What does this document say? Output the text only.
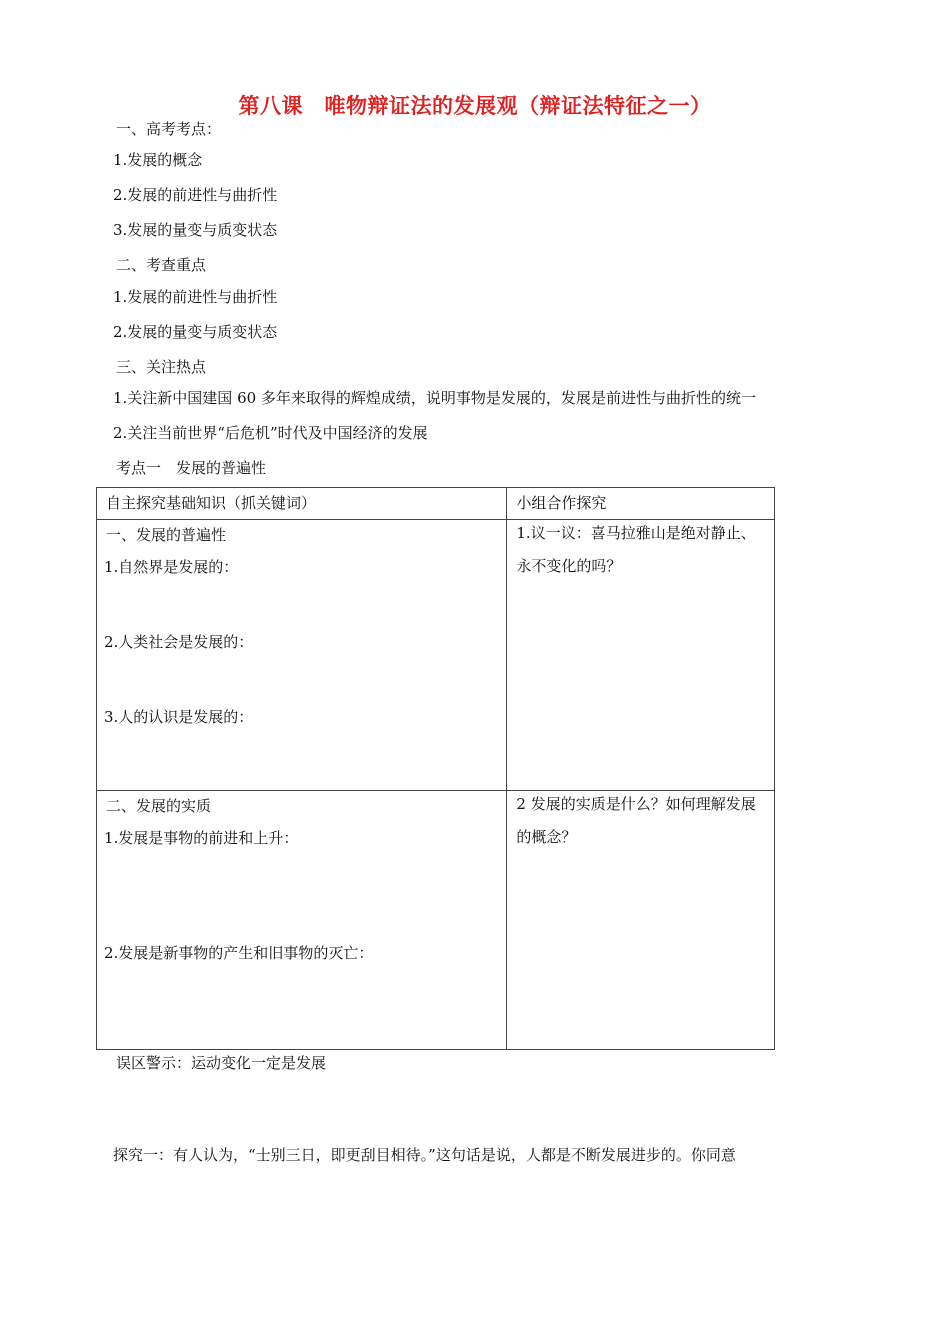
第八课　唯物辩证法的发展观（辩证法特征之一）
一、高考考点：
1.发展的概念
2.发展的前进性与曲折性
3.发展的量变与质变状态
二、考查重点
1.发展的前进性与曲折性
2.发展的量变与质变状态
三、关注热点
1.关注新中国建国 60 多年来取得的辉煌成绩，说明事物是发展的，发展是前进性与曲折性的统一
2.关注当前世界“后危机”时代及中国经济的发展
考点一　发展的普遍性
自主探究基础知识（抓关键词）	小组合作探究

一、发展的普遍性
1.自然界是发展的：
2.人类社会是发展的：
3.人的认识是发展的：	1.议一议：喜马拉雅山是绝对静止、永不变化的吗？

二、发展的实质
1.发展是事物的前进和上升：
2.发展是新事物的产生和旧事物的灭亡：	2 发展的实质是什么？如何理解发展的概念？
误区警示：运动变化一定是发展
探究一：有人认为，“士别三日，即更刮目相待。”这句话是说，人都是不断发展进步的。你同意
